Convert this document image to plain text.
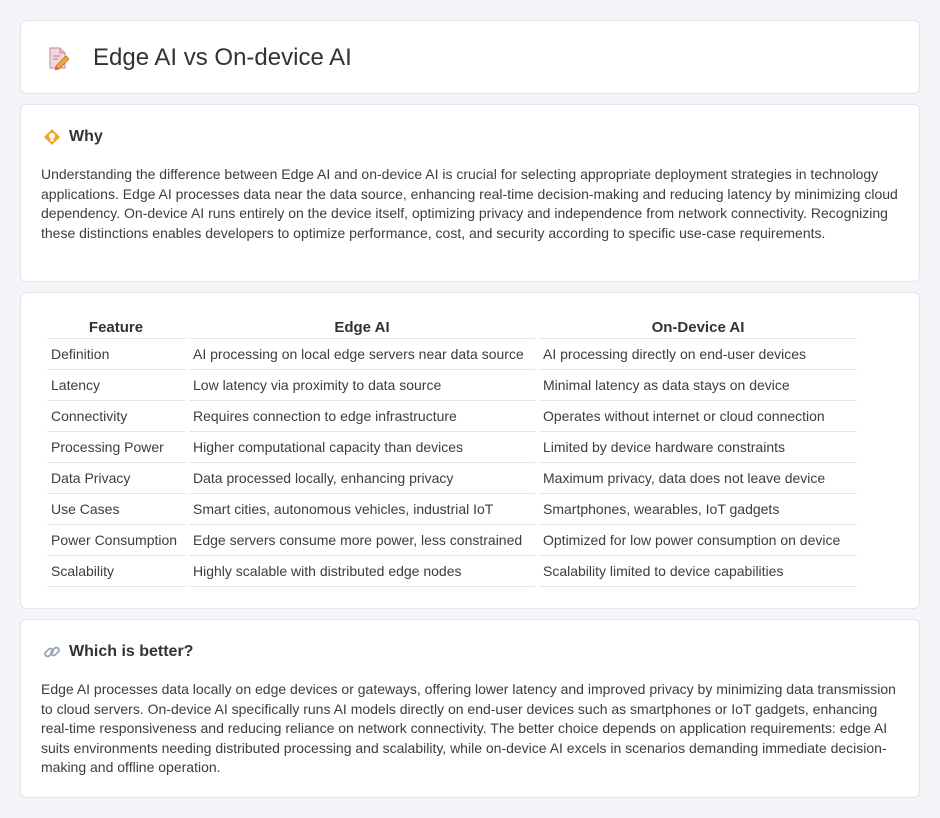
Edge AI vs On-device AI
Why

Understanding the difference between Edge AI and on-device AI is crucial for selecting appropriate deployment strategies in technology applications. Edge AI processes data near the data source, enhancing real-time decision-making and reducing latency by minimizing cloud dependency. On-device AI runs entirely on the device itself, optimizing privacy and independence from network connectivity. Recognizing these distinctions enables developers to optimize performance, cost, and security according to specific use-case requirements.

Feature	Edge AI	On-Device AI
Definition	AI processing on local edge servers near data source	AI processing directly on end-user devices
Latency	Low latency via proximity to data source	Minimal latency as data stays on device
Connectivity	Requires connection to edge infrastructure	Operates without internet or cloud connection
Processing Power	Higher computational capacity than devices	Limited by device hardware constraints
Data Privacy	Data processed locally, enhancing privacy	Maximum privacy, data does not leave device
Use Cases	Smart cities, autonomous vehicles, industrial IoT	Smartphones, wearables, IoT gadgets
Power Consumption	Edge servers consume more power, less constrained	Optimized for low power consumption on device
Scalability	Highly scalable with distributed edge nodes	Scalability limited to device capabilities
Which is better?

Edge AI processes data locally on edge devices or gateways, offering lower latency and improved privacy by minimizing data transmission to cloud servers. On-device AI specifically runs AI models directly on end-user devices such as smartphones or IoT gadgets, enhancing real-time responsiveness and reducing reliance on network connectivity. The better choice depends on application requirements: edge AI suits environments needing distributed processing and scalability, while on-device AI excels in scenarios demanding immediate decision-making and offline operation.
